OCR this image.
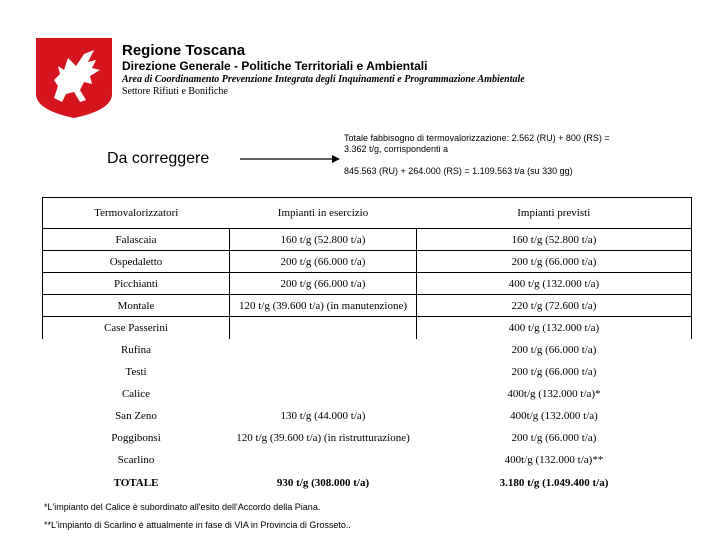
Regione Toscana
Direzione Generale - Politiche Territoriali e Ambientali
Area di Coordinamento Prevenzione Integrata degli Inquinamenti e Programmazione Ambientale
Settore Rifiuti e Bonifiche
Da correggere
Totale fabbisogno di termovalorizzazione: 2.562 (RU) + 800 (RS) =
3.362 t/g, corrispondenti a
845.563 (RU) + 264.000 (RS) = 1.109.563 t/a (su 330 gg)
Termovalorizzatori	Impianti in esercizio	Impianti previsti
Falascaia	160 t/g (52.800 t/a)	160 t/g (52.800 t/a)
Ospedaletto	200 t/g (66.000 t/a)	200 t/g (66.000 t/a)
Picchianti	200 t/g (66.000 t/a)	400 t/g (132.000 t/a)
Montale	120 t/g (39.600 t/a) (in manutenzione)	220 t/g (72.600 t/a)
Case Passerini		400 t/g (132.000 t/a)
Rufina		200 t/g (66.000 t/a)
Testi		200 t/g (66.000 t/a)
Calice		400t/g (132.000 t/a)*
San Zeno	130 t/g (44.000 t/a)	400t/g (132.000 t/a)
Poggibonsi	120 t/g (39.600 t/a) (in ristrutturazione)	200 t/g (66.000 t/a)
Scarlino		400t/g (132.000 t/a)**
TOTALE	930 t/g (308.000 t/a)	3.180 t/g (1.049.400 t/a)
*L'impianto del Calice è subordinato all'esito dell'Accordo della Piana.
**L'impianto di Scarlino è attualmente in fase di VIA in Provincia di Grosseto..
